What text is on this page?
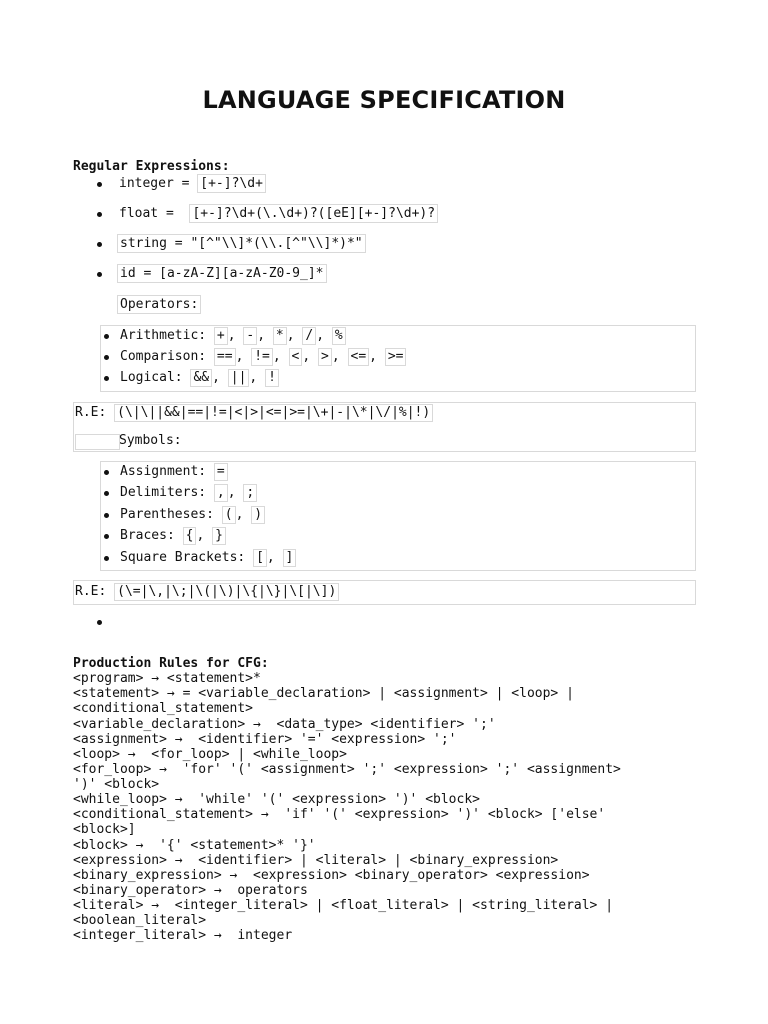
LANGUAGE SPECIFICATION
Regular Expressions:
integer = [+-]?\d+
float =  [+-]?\d+(\.\d+)?([eE][+-]?\d+)?
string = "[^"\\]*(\\.[^"\\]*)*"
id = [a-zA-Z][a-zA-Z0-9_]*
Operators:
Arithmetic: + , - , * , / , %
Comparison: == , != , < , > , <= , >=
Logical: && , || , !
R.E: (\|\||&&|==|!=|<|>|<=|>=|\+|-|\*|\/|%|!)
Symbols:
Assignment: =
Delimiters: , , ;
Parentheses: ( , )
Braces: { , }
Square Brackets: [ , ]
R.E: (\=|\,|\;|\(|\)|\{|\}|\[|\])
Production Rules for CFG:
<program> → <statement>*
<statement> → = <variable_declaration> | <assignment> | <loop> |
<conditional_statement>
<variable_declaration> →  <data_type> <identifier> ';'
<assignment> →  <identifier> '=' <expression> ';'
<loop> →  <for_loop> | <while_loop>
<for_loop> →  'for' '(' <assignment> ';' <expression> ';' <assignment>
')' <block>
<while_loop> →  'while' '(' <expression> ')' <block>
<conditional_statement> →  'if' '(' <expression> ')' <block> ['else'
<block>]
<block> →  '{' <statement>* '}'
<expression> →  <identifier> | <literal> | <binary_expression>
<binary_expression> →  <expression> <binary_operator> <expression>
<binary_operator> →  operators
<literal> →  <integer_literal> | <float_literal> | <string_literal> |
<boolean_literal>
<integer_literal> →  integer
